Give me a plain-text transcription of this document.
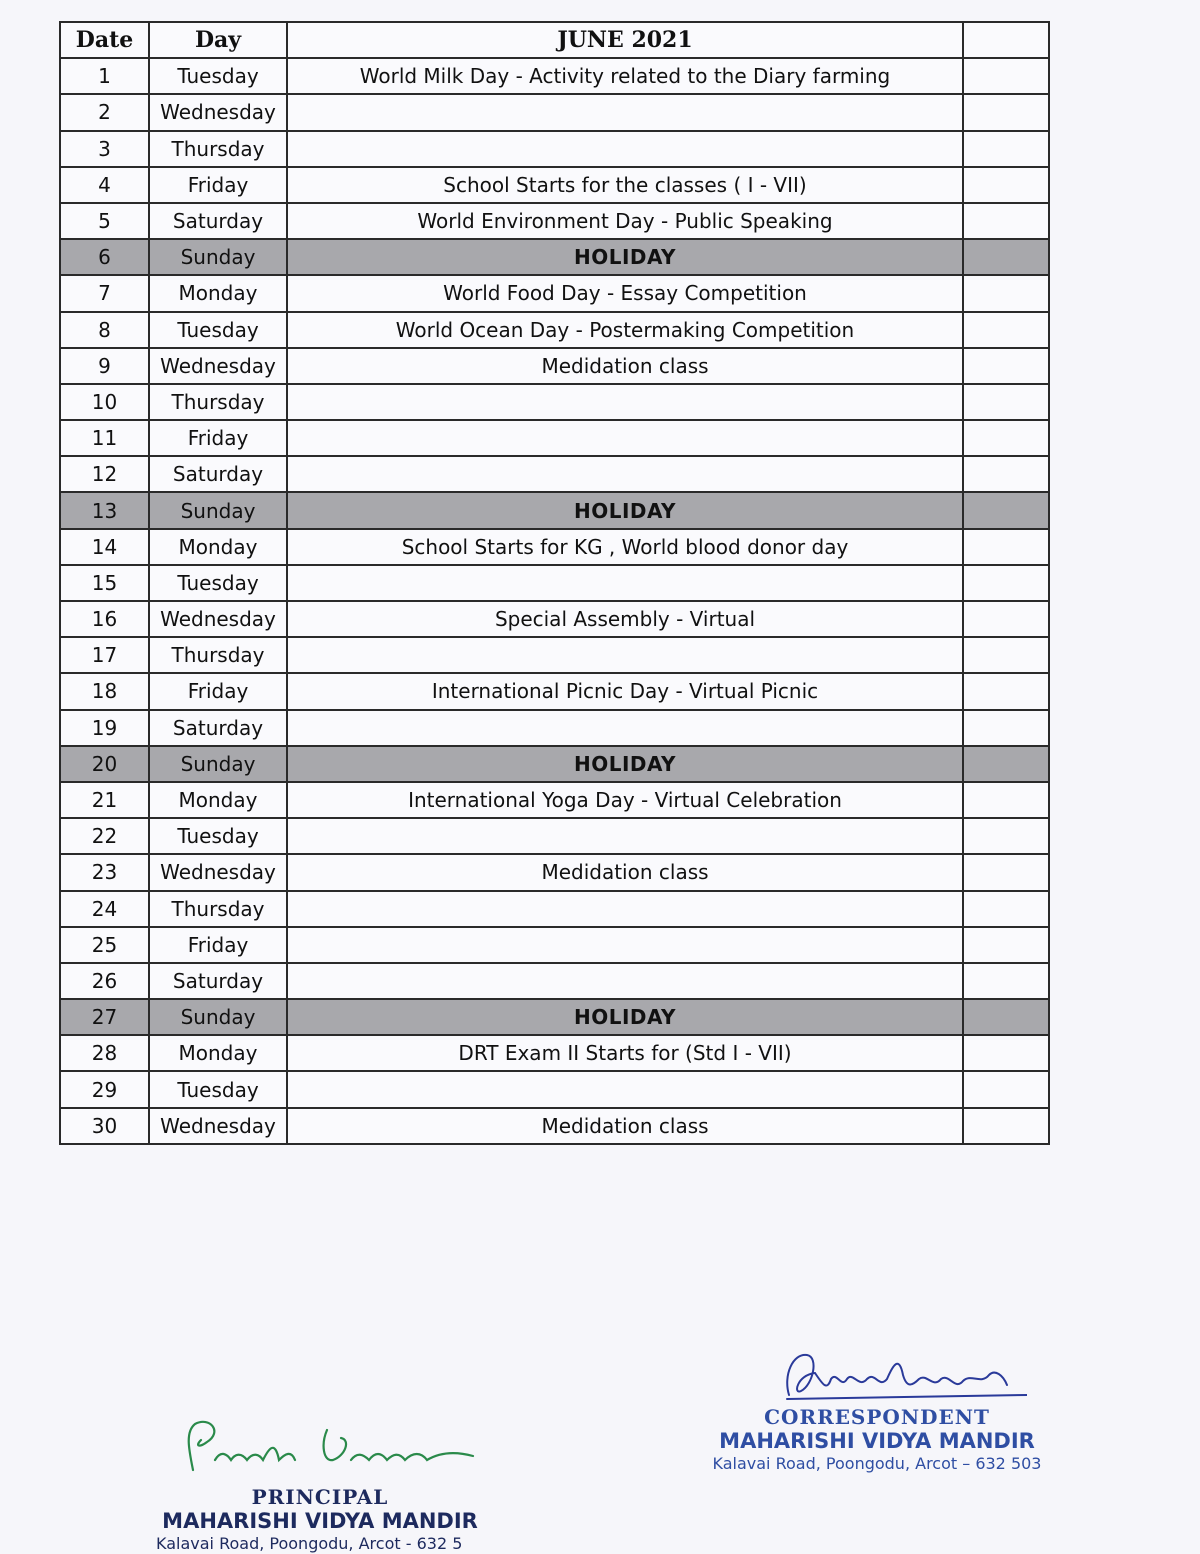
Date	Day	JUNE 2021	
1	Tuesday	World Milk Day - Activity related to the Diary farming	
2	Wednesday		
3	Thursday		
4	Friday	School Starts for the classes ( I - VII)	
5	Saturday	World Environment Day - Public Speaking	
6	Sunday	HOLIDAY	
7	Monday	World Food Day - Essay Competition	
8	Tuesday	World Ocean Day - Postermaking Competition	
9	Wednesday	Medidation class	
10	Thursday		
11	Friday		
12	Saturday		
13	Sunday	HOLIDAY	
14	Monday	School Starts for KG , World blood donor day	
15	Tuesday		
16	Wednesday	Special Assembly - Virtual	
17	Thursday		
18	Friday	International Picnic Day - Virtual Picnic	
19	Saturday		
20	Sunday	HOLIDAY	
21	Monday	International Yoga Day - Virtual Celebration	
22	Tuesday		
23	Wednesday	Medidation class	
24	Thursday		
25	Friday		
26	Saturday		
27	Sunday	HOLIDAY	
28	Monday	DRT Exam II Starts for (Std I - VII)	
29	Tuesday		
30	Wednesday	Medidation class	
PRINCIPAL
MAHARISHI VIDYA MANDIR
Kalavai Road, Poongodu, Arcot - 632 5
CORRESPONDENT
MAHARISHI VIDYA MANDIR
Kalavai Road, Poongodu, Arcot – 632 503
